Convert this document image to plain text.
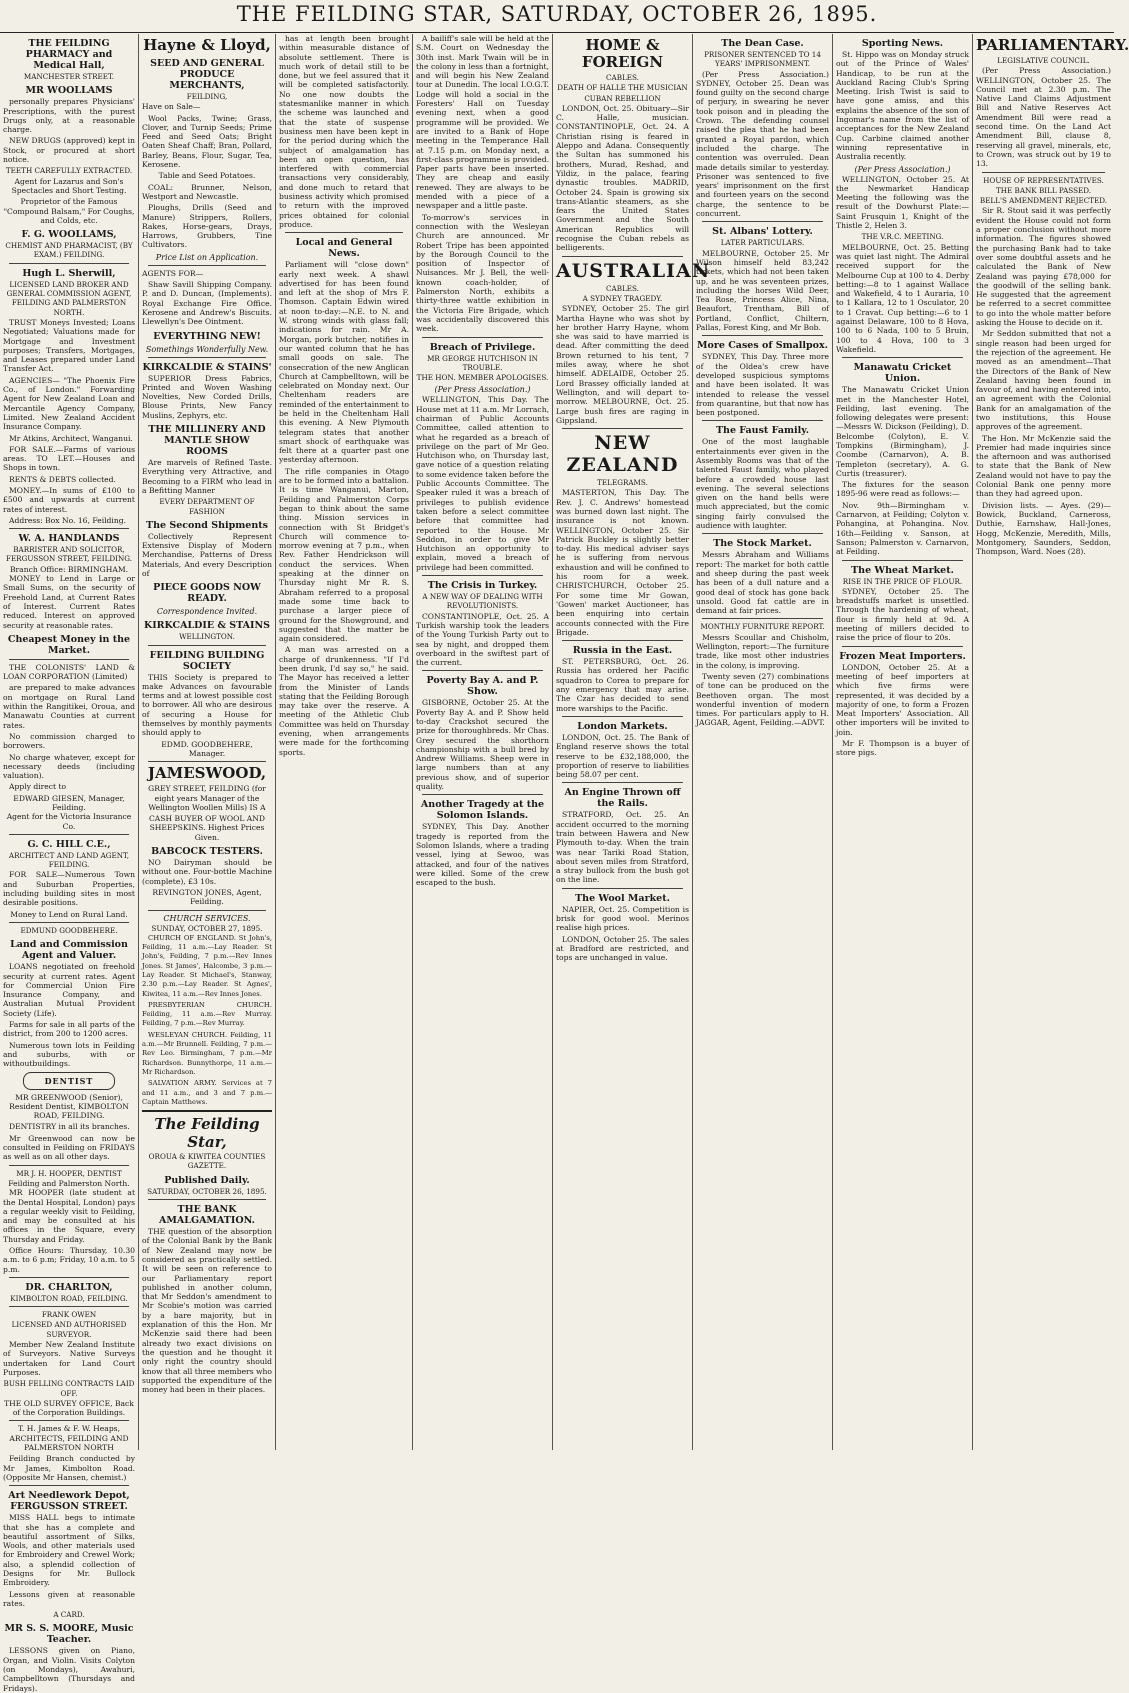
THE FEILDING STAR, SATURDAY, OCTOBER 26, 1895.
THE FEILDING PHARMACY and Medical Hall,
MANCHESTER STREET.
MR WOOLLAMS

personally prepares Physicians' Prescriptions, with the purest Drugs only, at a reasonable charge.

NEW DRUGS (approved) kept in Stock, or procured at short notice.

TEETH CAREFULLY EXTRACTED.

Agent for Lazarus and Son's Spectacles and Short Testing.

Proprietor of the Famous "Compound Balsam," For Coughs, and Colds, etc.

F. G. WOOLLAMS,
CHEMIST AND PHARMACIST, (BY EXAM.) FEILDING.
Hugh L. Sherwill,
LICENSED LAND BROKER AND GENERAL COMMISSION AGENT, FEILDING AND PALMERSTON NORTH.

TRUST Moneys Invested; Loans Negotiated; Valuations made for Mortgage and Investment purposes; Transfers, Mortgages, and Leases prepared under Land Transfer Act.

AGENCIES— "The Phoenix Fire Co., of London." Forwarding Agent for New Zealand Loan and Mercantile Agency Company, Limited. New Zealand Accident Insurance Company.

Mr Atkins, Architect, Wanganui.

FOR SALE.—Farms of various areas. TO LET.—Houses and Shops in town.

RENTS & DEBTS collected.

MONEY.—In sums of £100 to £500 and upwards at current rates of interest.

Address: Box No. 16, Feilding.

W. A. HANDLANDS
BARRISTER AND SOLICITOR, FERGUSSON STREET, FEILDING.
Branch Office: BIRMINGHAM.

MONEY to Lend in Large or Small Sums, on the security of Freehold Land, at Current Rates of Interest. Current Rates reduced. Interest on approved security at reasonable rates.

Cheapest Money in the Market.

THE COLONISTS' LAND & LOAN CORPORATION (Limited)

are prepared to make advances on mortgage on Rural Land within the Rangitikei, Oroua, and Manawatu Counties at current rates.

No commission charged to borrowers.

No charge whatever, except for necessary deeds (including valuation).

Apply direct to

EDWARD GIESEN, Manager, Feilding.

Agent for the Victoria Insurance Co.

G. C. HILL C.E.,
ARCHITECT AND LAND AGENT, FEILDING.

FOR SALE—Numerous Town and Suburban Properties, including building sites in most desirable positions.

Money to Lend on Rural Land.

EDMUND GOODBEHERE.
Land and Commission Agent and Valuer.

LOANS negotiated on freehold security at current rates. Agent for Commercial Union Fire Insurance Company, and Australian Mutual Provident Society (Life).

Farms for sale in all parts of the district, from 200 to 1200 acres.

Numerous town lots in Feilding and suburbs, with or withoutbuildings.

DENTIST

MR GREENWOOD (Senior), Resident Dentist, KIMBOLTON ROAD, FEILDING.

DENTISTRY in all its branches.

Mr Greenwood can now be consulted in Feilding on FRIDAYS as well as on all other days.

MR J. H. HOOPER, DENTIST
Feilding and Palmerston North.

MR HOOPER (late student at the Dental Hospital, London) pays a regular weekly visit to Feilding, and may be consulted at his offices in the Square, every Thursday and Friday.

Office Hours: Thursday, 10.30 a.m. to 6 p.m; Friday, 10 a.m. to 5 p.m.

DR. CHARLTON,
KIMBOLTON ROAD, FEILDING.
FRANK OWEN
LICENSED AND AUTHORISED SURVEYOR.

Member New Zealand Institute of Surveyors. Native Surveys undertaken for Land Court Purposes.

BUSH FELLING CONTRACTS LAID OFF.

THE OLD SURVEY OFFICE, Back of the Corporation Buildings.

T. H. James & F. W. Heaps, ARCHITECTS, FEILDING AND PALMERSTON NORTH

Feilding Branch conducted by Mr James, Kimbolton Road. (Opposite Mr Hansen, chemist.)

Art Needlework Depot, FERGUSSON STREET.

MISS HALL begs to intimate that she has a complete and beautiful assortment of Silks, Wools, and other materials used for Embroidery and Crewel Work; also, a splendid collection of Designs for Mr. Bullock Embroidery.

Lessons given at reasonable rates.

A CARD.
MR S. S. MOORE, Music Teacher.

LESSONS given on Piano, Organ, and Violin. Visits Colyton (on Mondays), Awahuri, Campbelltown (Thursdays and Fridays).

Hayne & Lloyd,
SEED AND GENERAL PRODUCE MERCHANTS,
FEILDING,

Have on Sale—

Wool Packs, Twine; Grass, Clover, and Turnip Seeds; Prime Feed and Seed Oats; Bright Oaten Sheaf Chaff; Bran, Pollard, Barley, Beans, Flour, Sugar, Tea, Kerosene.

Table and Seed Potatoes.

COAL: Brunner, Nelson, Westport and Newcastle.

Ploughs, Drills (Seed and Manure) Strippers, Rollers, Rakes, Horse-gears, Drays, Harrows, Grubbers, Tine Cultivators.

Price List on Application.

AGENTS FOR—

Shaw Savill Shipping Company. P. and D. Duncan, (Implements). Royal Exchange Fire Office. Kerosene and Andrew's Biscuits. Llewellyn's Dee Ointment.

EVERYTHING NEW!
Somethings Wonderfully New.
KIRKCALDIE & STAINS'

SUPERIOR Dress Fabrics, Printed and Woven Washing Novelties, New Corded Drills, Blouse Prints, New Fancy Muslins, Zephyrs, etc.

THE MILLINERY AND MANTLE SHOW ROOMS

Are marvels of Refined Taste. Everything very Attractive, and Becoming to a FIRM who lead in a Befitting Manner

EVERY DEPARTMENT OF FASHION
The Second Shipments

Collectively Represent Extensive Display of Modern Merchandise, Patterns of Dress Materials, And every Description of

PIECE GOODS NOW READY.
Correspondence Invited.
KIRKCALDIE & STAINS
WELLINGTON.
FEILDING BUILDING SOCIETY

THIS Society is prepared to make Advances on favourable terms and at lowest possible cost to borrower. All who are desirous of securing a House for themselves by monthly payments should apply to

EDMD. GOODBEHERE, Manager.
JAMESWOOD,

GREY STREET, FEILDING (for eight years Manager of the Wellington Woollen Mills) IS A

CASH BUYER OF WOOL AND SHEEPSKINS. Highest Prices Given.

BABCOCK TESTERS.

NO Dairyman should be without one. Four-bottle Machine (complete), £3 10s.

REVINGTON JONES, Agent, Feilding.
CHURCH SERVICES.
SUNDAY, OCTOBER 27, 1895.

CHURCH OF ENGLAND. St John's, Feilding, 11 a.m.—Lay Reader. St John's, Feilding, 7 p.m.—Rev Innes Jones. St James', Halcombe, 3 p.m.—Lay Reader. St Michael's, Stanway, 2.30 p.m.—Lay Reader. St Agnes', Kiwitea, 11 a.m.—Rev Innes Jones.

PRESBYTERIAN CHURCH. Feilding, 11 a.m.—Rev Murray. Feilding, 7 p.m.—Rev Murray.

WESLEYAN CHURCH. Feilding, 11 a.m.—Mr Brunnell. Feilding, 7 p.m.—Rev Leo. Birmingham, 7 p.m.—Mr Richardson. Bunnythorpe, 11 a.m.—Mr Richardson.

SALVATION ARMY. Services at 7 and 11 a.m., and 3 and 7 p.m.—Captain Matthews.

The Feilding Star,
OROUA & KIWITEA COUNTIES GAZETTE.
Published Daily.
SATURDAY, OCTOBER 26, 1895.
THE BANK AMALGAMATION.

THE question of the absorption of the Colonial Bank by the Bank of New Zealand may now be considered as practically settled. It will be seen on reference to our Parliamentary report published in another column, that Mr Seddon's amendment to Mr Scobie's motion was carried by a bare majority, but in explanation of this the Hon. Mr McKenzie said there had been already two exact divisions on the question and he thought it only right the country should know that all three members who supported the expenditure of the money had been in their places.

has at length been brought within measurable distance of absolute settlement. There is much work of detail still to be done, but we feel assured that it will be completed satisfactorily. No one now doubts the statesmanlike manner in which the scheme was launched and that the state of suspense business men have been kept in for the period during which the subject of amalgamation has been an open question, has interfered with commercial transactions very considerably, and done much to retard that business activity which promised to return with the improved prices obtained for colonial produce.

Local and General News.

Parliament will "close down" early next week. A shawl advertised for has been found and left at the shop of Mrs F. Thomson. Captain Edwin wired at noon to-day:—N.E. to N. and W. strong winds with glass fall; indications for rain. Mr A. Morgan, pork butcher, notifies in our wanted column that he has small goods on sale. The consecration of the new Anglican Church at Campbelltown, will be celebrated on Monday next. Our Cheltenham readers are reminded of the entertainment to be held in the Cheltenham Hall this evening. A New Plymouth telegram states that another smart shock of earthquake was felt there at a quarter past one yesterday afternoon.

The rifle companies in Otago are to be formed into a battalion. It is time Wanganui, Marton, Feilding and Palmerston Corps began to think about the same thing. Mission services in connection with St Bridget's Church will commence to-morrow evening at 7 p.m., when Rev. Father Hendrickson will conduct the services. When speaking at the dinner on Thursday night Mr R. S. Abraham referred to a proposal made some time back to purchase a larger piece of ground for the Showground, and suggested that the matter be again considered.

A man was arrested on a charge of drunkenness. "If I'd been drunk, I'd say so," he said. The Mayor has received a letter from the Minister of Lands stating that the Feilding Borough may take over the reserve. A meeting of the Athletic Club Committee was held on Thursday evening, when arrangements were made for the forthcoming sports.

A bailiff's sale will be held at the S.M. Court on Wednesday the 30th inst. Mark Twain will be in the colony in less than a fortnight, and will begin his New Zealand tour at Dunedin. The local I.O.G.T. Lodge will hold a social in the Foresters' Hall on Tuesday evening next, when a good programme will be provided. We are invited to a Bank of Hope meeting in the Temperance Hall at 7.15 p.m. on Monday next, a first-class programme is provided. Paper parts have been inserted. They are cheap and easily renewed. They are always to be mended with a piece of a newspaper and a little paste.

To-morrow's services in connection with the Wesleyan Church are announced. Mr Robert Tripe has been appointed by the Borough Council to the position of Inspector of Nuisances. Mr J. Bell, the well-known coach-holder, of Palmerston North, exhibits a thirty-three wattle exhibition in the Victoria Fire Brigade, which was accidentally discovered this week.

Breach of Privilege.
MR GEORGE HUTCHISON IN TROUBLE.
THE HON. MEMBER APOLOGISES.
(Per Press Association.)

WELLINGTON, This Day. The House met at 11 a.m. Mr Lorrach, chairman of Public Accounts Committee, called attention to what he regarded as a breach of privilege on the part of Mr Geo. Hutchison who, on Thursday last, gave notice of a question relating to some evidence taken before the Public Accounts Committee. The Speaker ruled it was a breach of privileges to publish evidence taken before a select committee before that committee had reported to the House. Mr Seddon, in order to give Mr Hutchison an opportunity to explain, moved a breach of privilege had been committed.

The Crisis in Turkey.
A NEW WAY OF DEALING WITH REVOLUTIONISTS.

CONSTANTINOPLE, Oct. 25. A Turkish warship took the leaders of the Young Turkish Party out to sea by night, and dropped them overboard in the swiftest part of the current.

Poverty Bay A. and P. Show.

GISBORNE, October 25. At the Poverty Bay A. and P. Show held to-day Crackshot secured the prize for thoroughbreds. Mr Chas. Grey secured the shorthorn championship with a bull bred by Andrew Williams. Sheep were in large numbers than at any previous show, and of superior quality.

Another Tragedy at the Solomon Islands.

SYDNEY, This Day. Another tragedy is reported from the Solomon Islands, where a trading vessel, lying at Sewoo, was attacked, and four of the natives were killed. Some of the crew escaped to the bush.

HOME & FOREIGN
CABLES.
DEATH OF HALLE THE MUSICIAN
CUBAN REBELLION

LONDON, Oct. 25. Obituary—Sir C. Halle, musician. CONSTANTINOPLE, Oct. 24. A Christian rising is feared in Aleppo and Adana. Consequently the Sultan has summoned his brothers, Murad, Reshad, and Yildiz, in the palace, fearing dynastic troubles. MADRID, October 24. Spain is growing six trans-Atlantic steamers, as she fears the United States Government and the South American Republics will recognise the Cuban rebels as belligerents.

AUSTRALIAN
CABLES.
A SYDNEY TRAGEDY.

SYDNEY, October 25. The girl Martha Hayne who was shot by her brother Harry Hayne, whom she was said to have married is dead. After committing the deed Brown returned to his tent, 7 miles away, where he shot himself. ADELAIDE, October 25. Lord Brassey officially landed at Wellington, and will depart to-morrow. MELBOURNE, Oct. 25. Large bush fires are raging in Gippsland.

NEW ZEALAND
TELEGRAMS.

MASTERTON, This Day. The Rev. J. C. Andrews' homestead was burned down last night. The insurance is not known. WELLINGTON, October 25. Sir Patrick Buckley is slightly better to-day. His medical adviser says he is suffering from nervous exhaustion and will be confined to his room for a week. CHRISTCHURCH, October 25. For some time Mr Gowan, 'Gowen' market Auctioneer, has been enquiring into certain accounts connected with the Fire Brigade.

Russia in the East.

ST. PETERSBURG, Oct. 26. Russia has ordered her Pacific squadron to Corea to prepare for any emergency that may arise. The Czar has decided to send more warships to the Pacific.

London Markets.

LONDON, Oct. 25. The Bank of England reserve shows the total reserve to be £32,188,000, the proportion of reserve to liabilities being 58.07 per cent.

An Engine Thrown off the Rails.

STRATFORD, Oct. 25. An accident occurred to the morning train between Hawera and New Plymouth to-day. When the train was near Tariki Road Station, about seven miles from Stratford, a stray bullock from the bush got on the line.

The Wool Market.

NAPIER, Oct. 25. Competition is brisk for good wool. Merinos realise high prices.

LONDON, October 25. The sales at Bradford are restricted, and tops are unchanged in value.

The Dean Case.
PRISONER SENTENCED TO 14 YEARS' IMPRISONMENT.

(Per Press Association.) SYDNEY, October 25. Dean was found guilty on the second charge of perjury, in swearing he never took poison and in pleading the Crown. The defending counsel raised the plea that he had been granted a Royal pardon, which included the charge. The contention was overruled. Dean made details similar to yesterday. Prisoner was sentenced to five years' imprisonment on the first and fourteen years on the second charge, the sentence to be concurrent.

St. Albans' Lottery.
LATER PARTICULARS.

MELBOURNE, October 25. Mr Wilson himself held 83,242 tickets, which had not been taken up, and he was seventeen prizes, including the horses Wild Deer, Tea Rose, Princess Alice, Nina, Beaufort, Trentham, Bill of Portland, Conflict, Chiltern, Pallas, Forest King, and Mr Bob.

More Cases of Smallpox.

SYDNEY, This Day. Three more of the Oldea's crew have developed suspicious symptoms and have been isolated. It was intended to release the vessel from quarantine, but that now has been postponed.

The Faust Family.

One of the most laughable entertainments ever given in the Assembly Rooms was that of the talented Faust family, who played before a crowded house last evening. The several selections given on the hand bells were much appreciated, but the comic singing fairly convulsed the audience with laughter.

The Stock Market.

Messrs Abraham and Williams report: The market for both cattle and sheep during the past week has been of a dull nature and a good deal of stock has gone back unsold. Good fat cattle are in demand at fair prices.

MONTHLY FURNITURE REPORT.

Messrs Scoullar and Chisholm, Wellington, report:—The furniture trade, like most other industries in the colony, is improving.

Twenty seven (27) combinations of tone can be produced on the Beethoven organ. The most wonderful invention of modern times. For particulars apply to H. JAGGAR, Agent, Feilding.—ADVT.

Sporting News.

St. Hippo was on Monday struck out of the Prince of Wales' Handicap, to be run at the Auckland Racing Club's Spring Meeting. Irish Twist is said to have gone amiss, and this explains the absence of the son of Ingomar's name from the list of acceptances for the New Zealand Cup. Carbine claimed another winning representative in Australia recently.

(Per Press Association.)

WELLINGTON, October 25. At the Newmarket Handicap Meeting the following was the result of the Dowhurst Plate:—Saint Frusquin 1, Knight of the Thistle 2, Helen 3.

THE V.R.C. MEETING.

MELBOURNE, Oct. 25. Betting was quiet last night. The Admiral received support for the Melbourne Cup at 100 to 4. Derby betting:—8 to 1 against Wallace and Wakefield, 4 to 1 Auraria, 10 to 1 Kallara, 12 to 1 Osculator, 20 to 1 Cravat. Cup betting:—6 to 1 against Delaware, 100 to 8 Hova, 100 to 6 Nada, 100 to 5 Bruin, 100 to 4 Hova, 100 to 3 Wakefield.

Manawatu Cricket Union.

The Manawatu Cricket Union met in the Manchester Hotel, Feilding, last evening. The following delegates were present:—Messrs W. Dickson (Feilding), D. Belcombe (Colyton), E. V. Tompkins (Birmingham), J. Coombe (Carnarvon), A. B. Templeton (secretary), A. G. Curtis (treasurer).

The fixtures for the season 1895-96 were read as follows:—

Nov. 9th—Birmingham v. Carnarvon, at Feilding; Colyton v. Pohangina, at Pohangina. Nov. 16th—Feilding v. Sanson, at Sanson; Palmerston v. Carnarvon, at Feilding.

The Wheat Market.
RISE IN THE PRICE OF FLOUR.

SYDNEY, October 25. The breadstuffs market is unsettled. Through the hardening of wheat, flour is firmly held at 9d. A meeting of millers decided to raise the price of flour to 20s.

Frozen Meat Importers.

LONDON, October 25. At a meeting of beef importers at which five firms were represented, it was decided by a majority of one, to form a Frozen Meat Importers' Association. All other importers will be invited to join.

Mr F. Thompson is a buyer of store pigs.

PARLIAMENTARY.
LEGISLATIVE COUNCIL.

(Per Press Association.) WELLINGTON, October 25. The Council met at 2.30 p.m. The Native Land Claims Adjustment Bill and Native Reserves Act Amendment Bill were read a second time. On the Land Act Amendment Bill, clause 8, reserving all gravel, minerals, etc, to Crown, was struck out by 19 to 13.

HOUSE OF REPRESENTATIVES.
THE BANK BILL PASSED.
BELL'S AMENDMENT REJECTED.

Sir R. Stout said it was perfectly evident the House could not form a proper conclusion without more information. The figures showed the purchasing Bank had to take over some doubtful assets and he calculated the Bank of New Zealand was paying £78,000 for the goodwill of the selling bank. He suggested that the agreement be referred to a secret committee to go into the whole matter before asking the House to decide on it.

Mr Seddon submitted that not a single reason had been urged for the rejection of the agreement. He moved as an amendment—That the Directors of the Bank of New Zealand having been found in favour of, and having entered into, an agreement with the Colonial Bank for an amalgamation of the two institutions, this House approves of the agreement.

The Hon. Mr McKenzie said the Premier had made inquiries since the afternoon and was authorised to state that the Bank of New Zealand would not have to pay the Colonial Bank one penny more than they had agreed upon.

Division lists. — Ayes. (29)—Bowick, Buckland, Carneross, Duthie, Earnshaw, Hall-Jones, Hogg, McKenzie, Meredith, Mills, Montgomery, Saunders, Seddon, Thompson, Ward. Noes (28).
